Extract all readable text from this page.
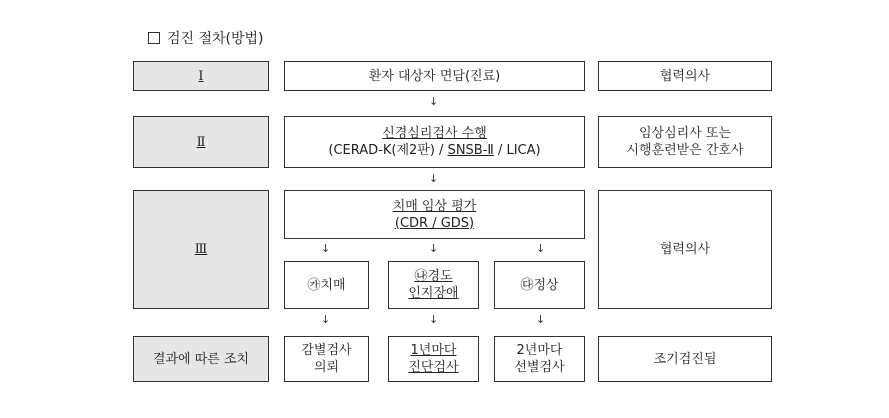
검진 절차(방법)
Ⅰ	환자 대상자 면담(진료)	협력의사
↓
Ⅱ
신경심리검사 수행
(CERAD-K(제2판) / SNSB-Ⅱ / LICA)
임상심리사 또는
시행훈련받은 간호사
↓
Ⅲ
치매 임상 평가
(CDR / GDS)
협력의사
↓	↓	↓
㉮치매
㉯경도
인지장애
㉰정상
↓	↓	↓
결과에 따른 조치
감별검사
의뢰
1년마다
진단검사
2년마다
선별검사
조기검진됨
